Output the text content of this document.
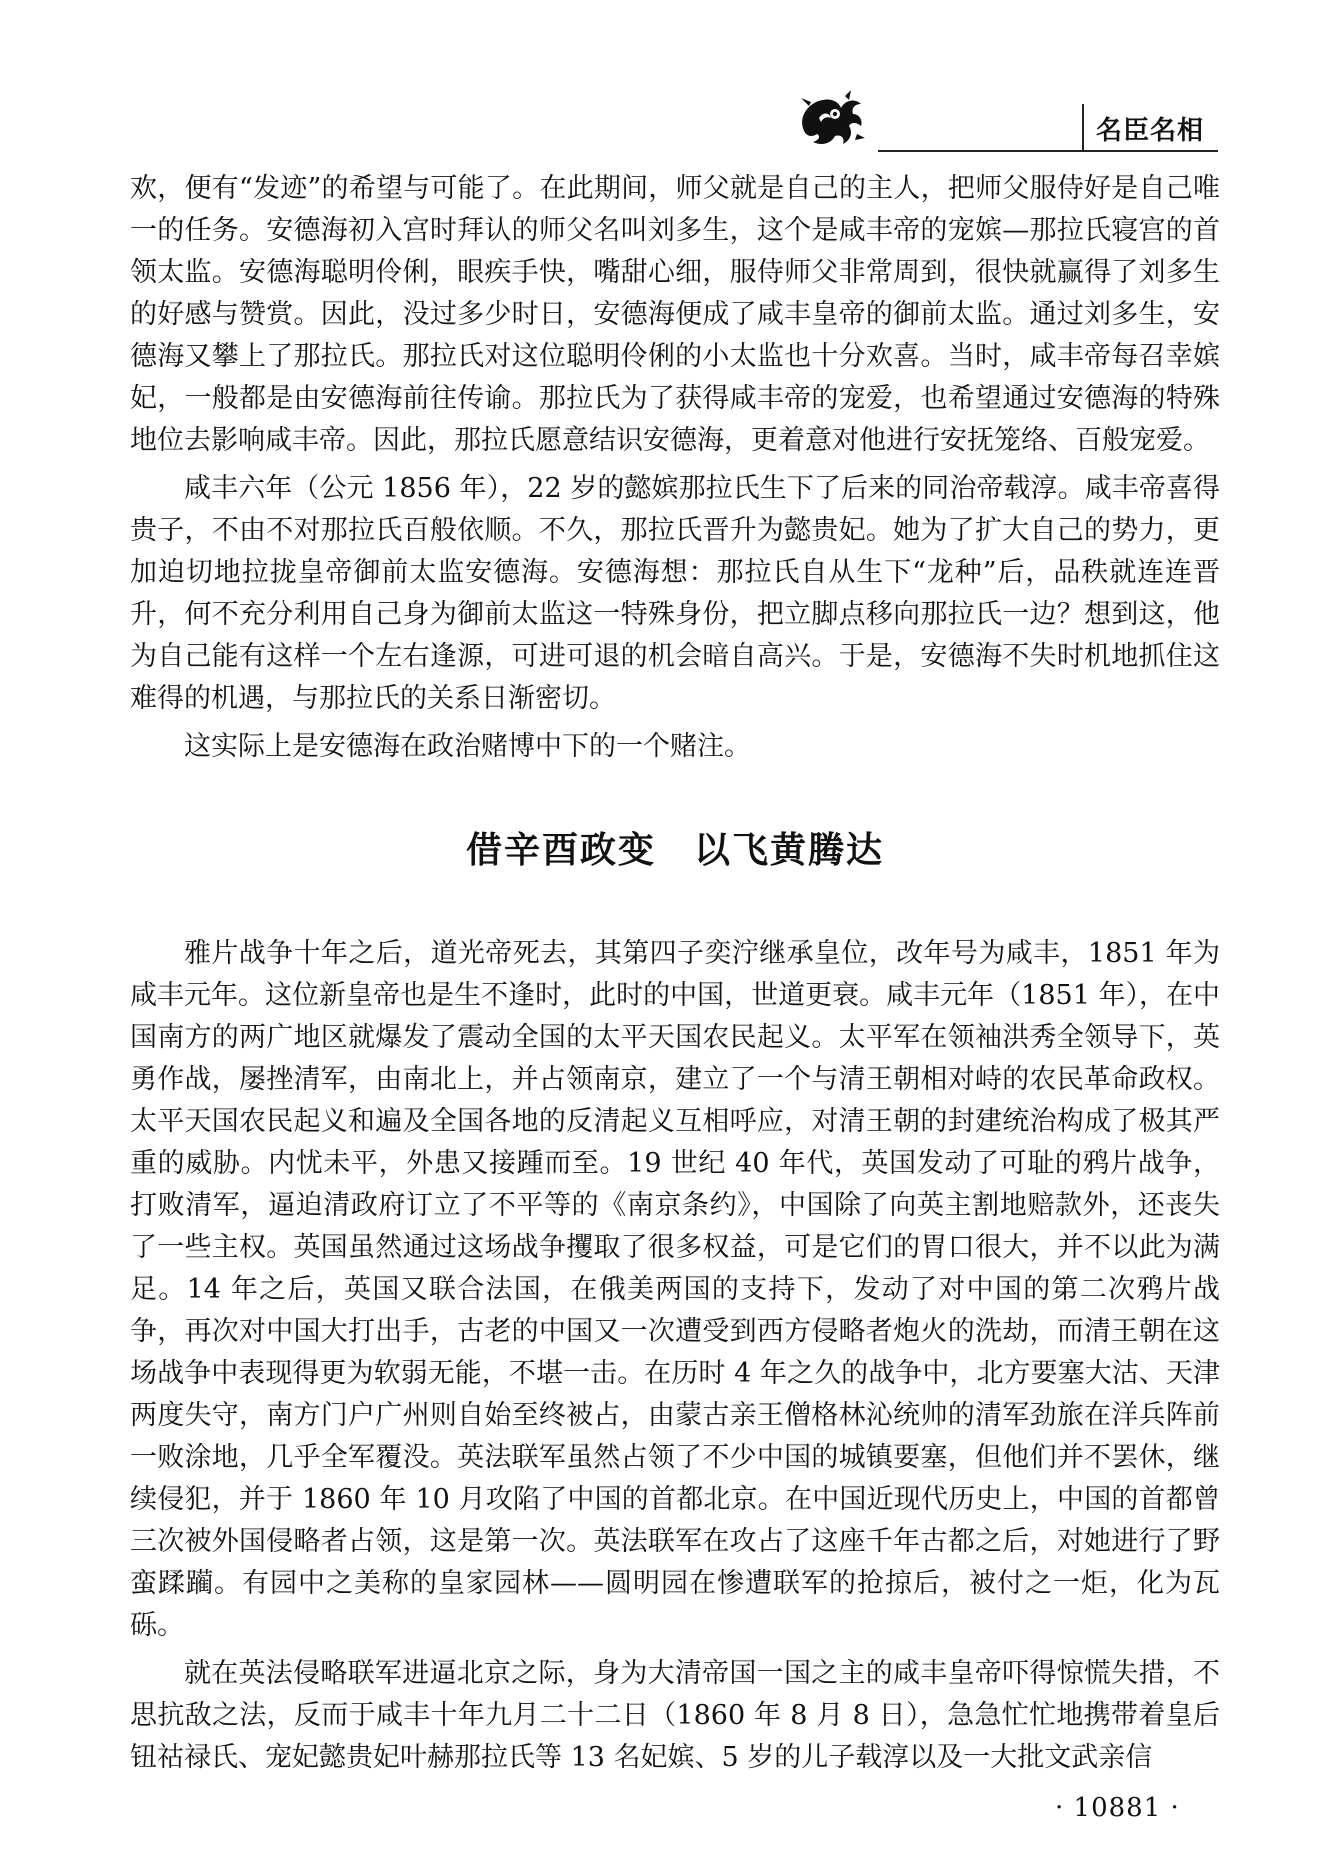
名臣名相

欢，便有“发迹”的希望与可能了。在此期间，师父就是自己的主人，把师父服侍好是自己唯一的任务。安德海初入宫时拜认的师父名叫刘多生，这个是咸丰帝的宠嫔—那拉氏寝宫的首领太监。安德海聪明伶俐，眼疾手快，嘴甜心细，服侍师父非常周到，很快就赢得了刘多生的好感与赞赏。因此，没过多少时日，安德海便成了咸丰皇帝的御前太监。通过刘多生，安德海又攀上了那拉氏。那拉氏对这位聪明伶俐的小太监也十分欢喜。当时，咸丰帝每召幸嫔妃，一般都是由安德海前往传谕。那拉氏为了获得咸丰帝的宠爱，也希望通过安德海的特殊地位去影响咸丰帝。因此，那拉氏愿意结识安德海，更着意对他进行安抚笼络、百般宠爱。

咸丰六年（公元 1856 年），22 岁的懿嫔那拉氏生下了后来的同治帝载淳。咸丰帝喜得贵子，不由不对那拉氏百般依顺。不久，那拉氏晋升为懿贵妃。她为了扩大自己的势力，更加迫切地拉拢皇帝御前太监安德海。安德海想：那拉氏自从生下“龙种”后，品秩就连连晋升，何不充分利用自己身为御前太监这一特殊身份，把立脚点移向那拉氏一边？想到这，他为自己能有这样一个左右逢源，可进可退的机会暗自高兴。于是，安德海不失时机地抓住这难得的机遇，与那拉氏的关系日渐密切。

这实际上是安德海在政治赌博中下的一个赌注。

借辛酉政变　以飞黄腾达

雅片战争十年之后，道光帝死去，其第四子奕泞继承皇位，改年号为咸丰，1851 年为咸丰元年。这位新皇帝也是生不逢时，此时的中国，世道更衰。咸丰元年（1851 年），在中国南方的两广地区就爆发了震动全国的太平天国农民起义。太平军在领袖洪秀全领导下，英勇作战，屡挫清军，由南北上，并占领南京，建立了一个与清王朝相对峙的农民革命政权。太平天国农民起义和遍及全国各地的反清起义互相呼应，对清王朝的封建统治构成了极其严重的威胁。内忧未平，外患又接踵而至。19 世纪 40 年代，英国发动了可耻的鸦片战争，打败清军，逼迫清政府订立了不平等的《南京条约》，中国除了向英主割地赔款外，还丧失了一些主权。英国虽然通过这场战争攫取了很多权益，可是它们的胃口很大，并不以此为满足。14 年之后，英国又联合法国，在俄美两国的支持下，发动了对中国的第二次鸦片战争，再次对中国大打出手，古老的中国又一次遭受到西方侵略者炮火的洗劫，而清王朝在这场战争中表现得更为软弱无能，不堪一击。在历时 4 年之久的战争中，北方要塞大沽、天津两度失守，南方门户广州则自始至终被占，由蒙古亲王僧格林沁统帅的清军劲旅在洋兵阵前一败涂地，几乎全军覆没。英法联军虽然占领了不少中国的城镇要塞，但他们并不罢休，继续侵犯，并于 1860 年 10 月攻陷了中国的首都北京。在中国近现代历史上，中国的首都曾三次被外国侵略者占领，这是第一次。英法联军在攻占了这座千年古都之后，对她进行了野蛮蹂躏。有园中之美称的皇家园林——圆明园在惨遭联军的抢掠后，被付之一炬，化为瓦砾。

就在英法侵略联军进逼北京之际，身为大清帝国一国之主的咸丰皇帝吓得惊慌失措，不思抗敌之法，反而于咸丰十年九月二十二日（1860 年 8 月 8 日），急急忙忙地携带着皇后钮祜禄氏、宠妃懿贵妃叶赫那拉氏等 13 名妃嫔、5 岁的儿子载淳以及一大批文武亲信

· 10881 ·
